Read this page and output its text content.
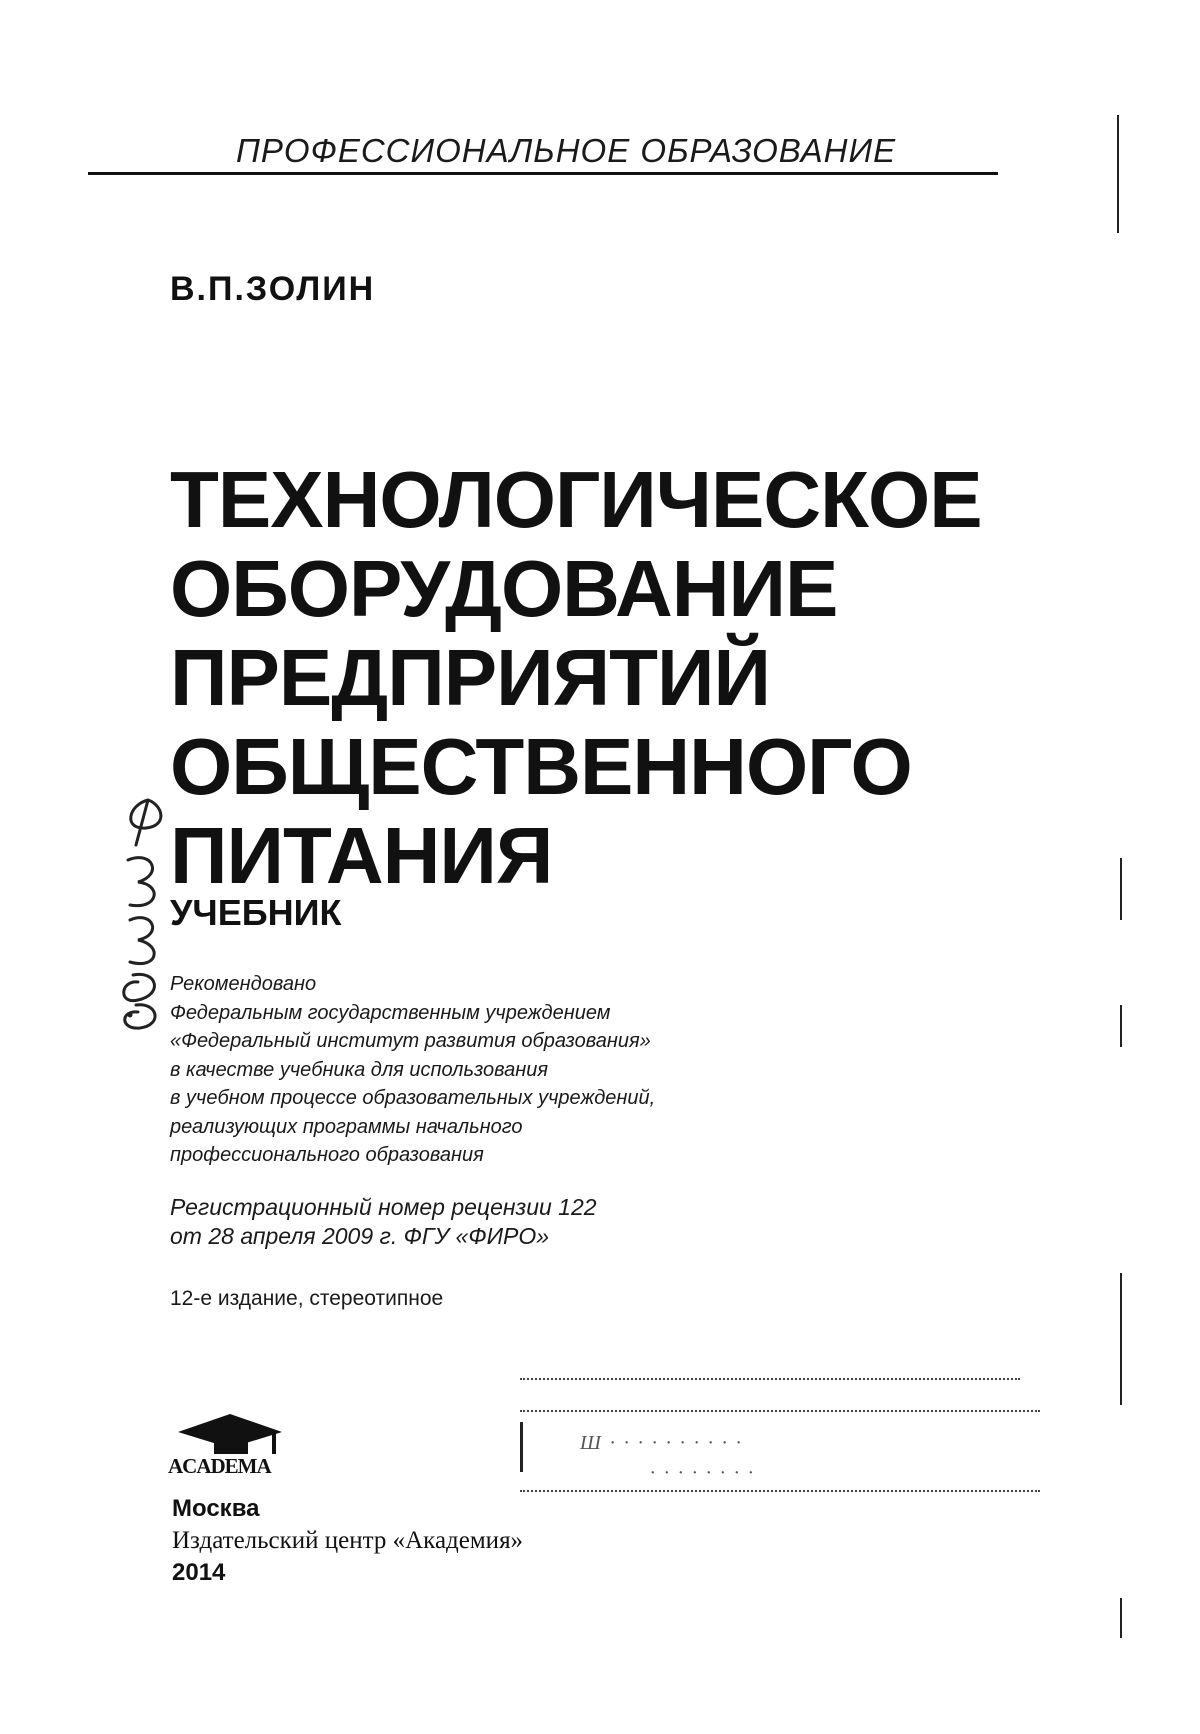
ПРОФЕССИОНАЛЬНОЕ ОБРАЗОВАНИЕ
В.П.ЗОЛИН
ТЕХНОЛОГИЧЕСКОЕ
ОБОРУДОВАНИЕ
ПРЕДПРИЯТИЙ
ОБЩЕСТВЕННОГО
ПИТАНИЯ
УЧЕБНИК
Рекомендовано
Федеральным государственным учреждением
«Федеральный институт развития образования»
в качестве учебника для использования
в учебном процессе образовательных учреждений,
реализующих программы начального
профессионального образования
Регистрационный номер рецензии 122
от 28 апреля 2009 г. ФГУ «ФИРО»
12-е издание, стереотипное
Ш · · · · · · · · · ·
· · · · · · · ·
ACADEMA
Москва
Издательский центр «Академия»
2014
